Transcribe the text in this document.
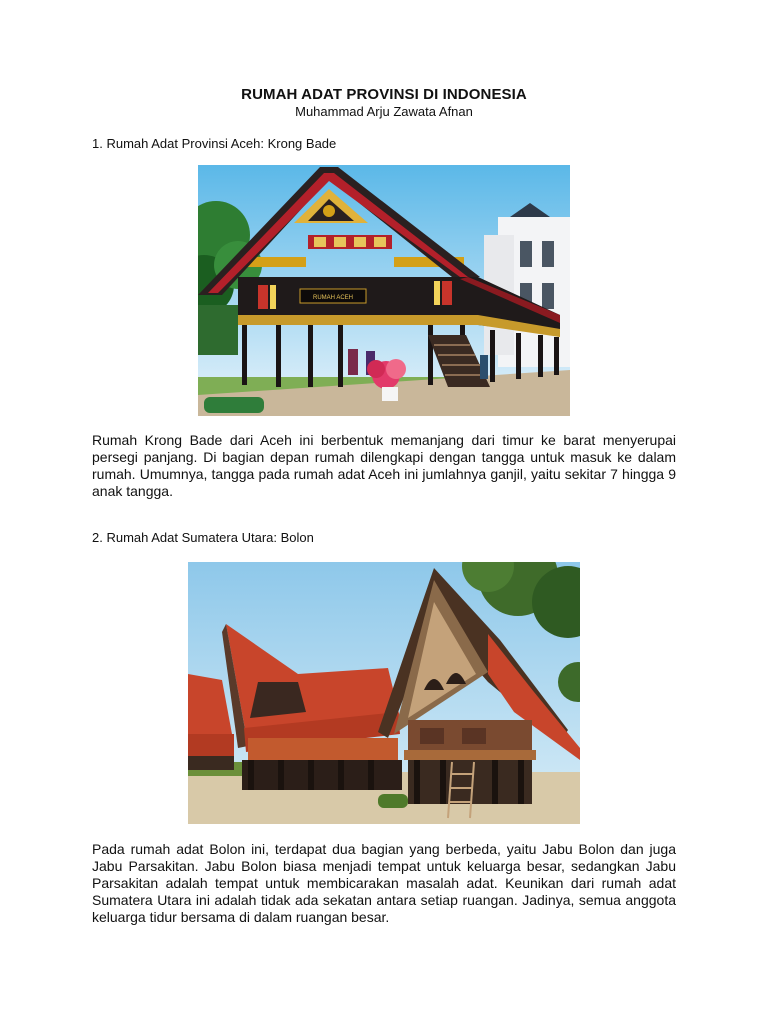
RUMAH ADAT PROVINSI DI INDONESIA
Muhammad Arju Zawata Afnan
1. Rumah Adat Provinsi Aceh: Krong Bade
RUMAH ACEH
Rumah Krong Bade dari Aceh ini berbentuk memanjang dari timur ke barat menyerupai persegi panjang. Di bagian depan rumah dilengkapi dengan tangga untuk masuk ke dalam rumah. Umumnya, tangga pada rumah adat Aceh ini jumlahnya ganjil, yaitu sekitar 7 hingga 9 anak tangga.
2. Rumah Adat Sumatera Utara: Bolon
Pada rumah adat Bolon ini, terdapat dua bagian yang berbeda, yaitu Jabu Bolon dan juga Jabu Parsakitan. Jabu Bolon biasa menjadi tempat untuk keluarga besar, sedangkan Jabu Parsakitan adalah tempat untuk membicarakan masalah adat. Keunikan dari rumah adat Sumatera Utara ini adalah tidak ada sekatan antara setiap ruangan. Jadinya, semua anggota keluarga tidur bersama di dalam ruangan besar.
